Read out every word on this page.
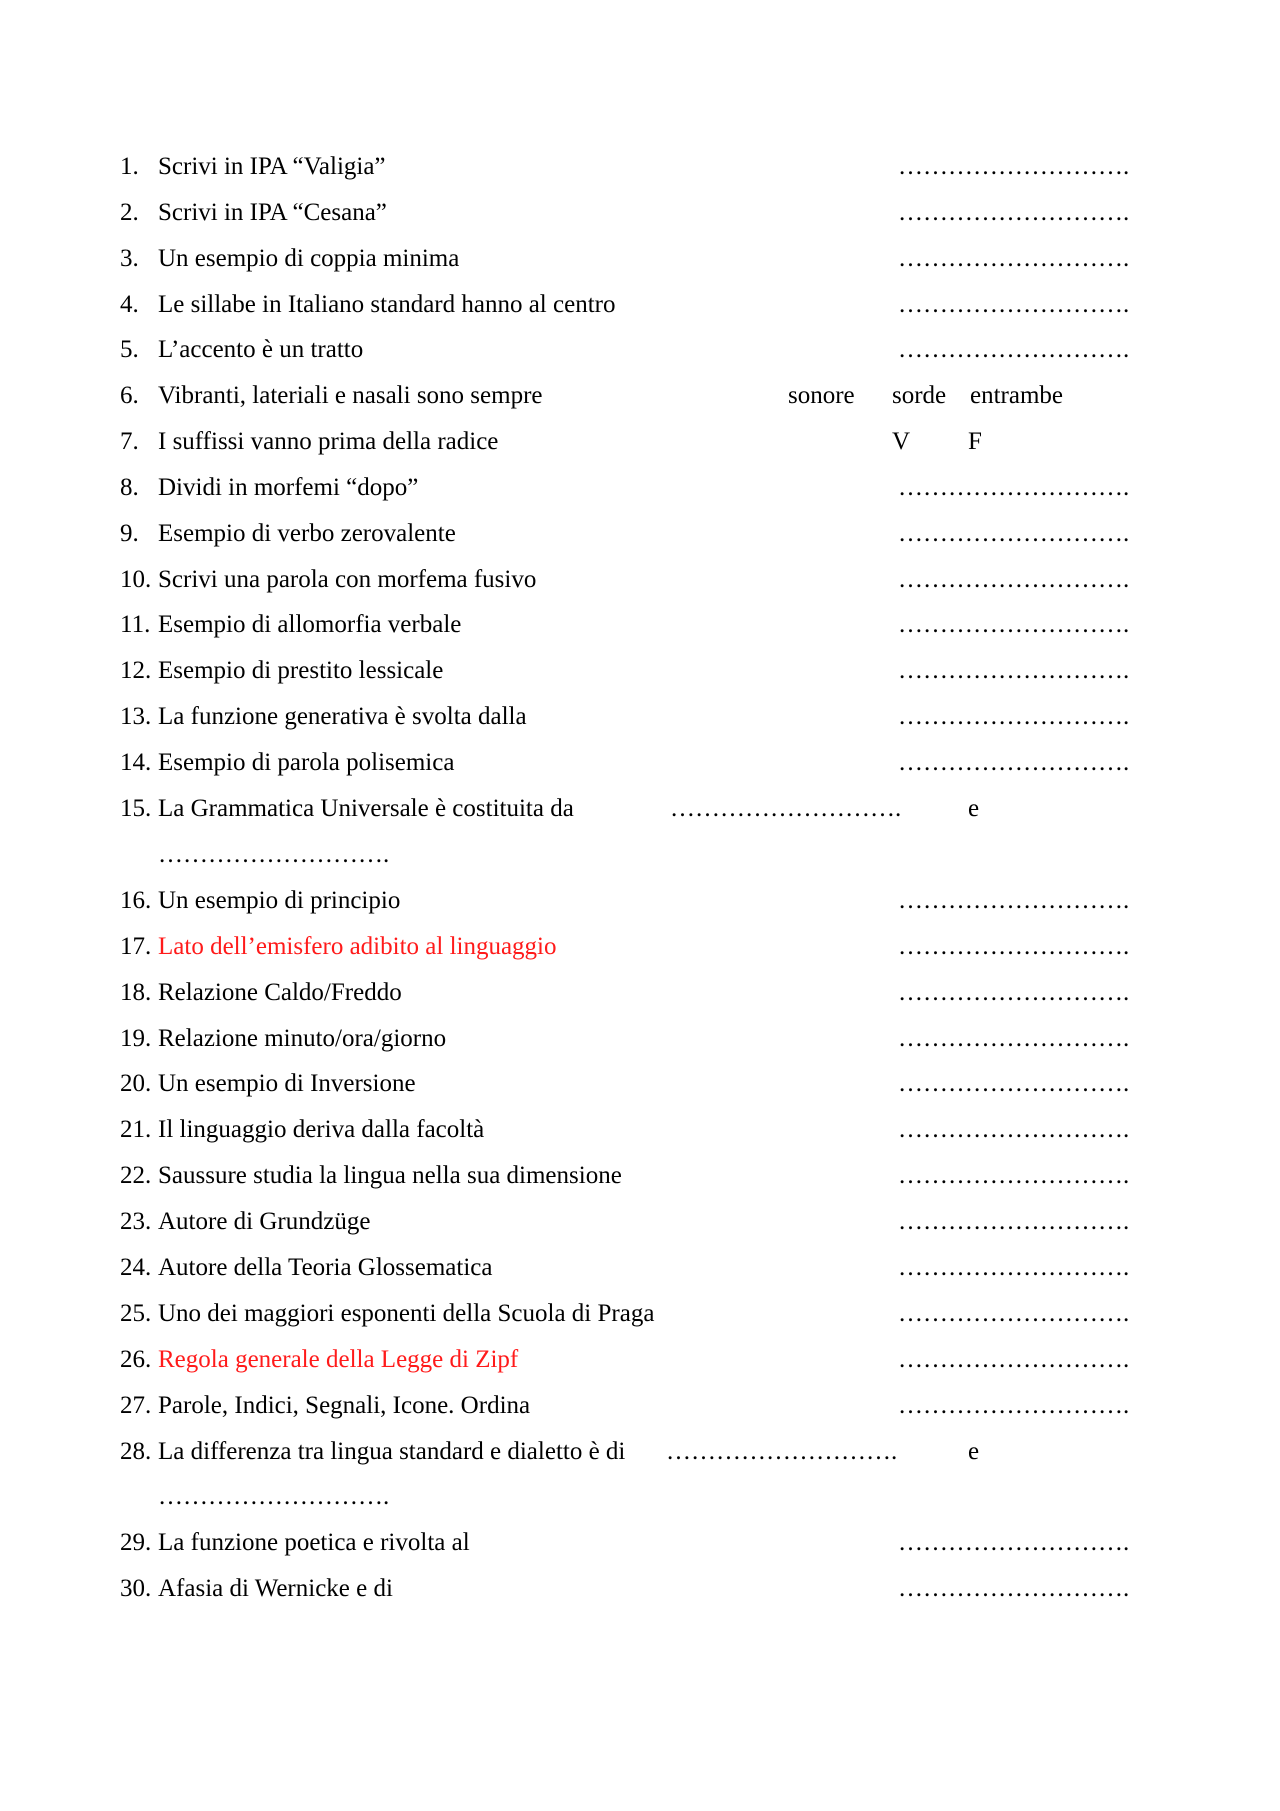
1. Scrivi in IPA “Valigia”	……………………….
2. Scrivi in IPA “Cesana”	……………………….
3. Un esempio di coppia minima	……………………….
4. Le sillabe in Italiano standard hanno al centro	……………………….
5. L’accento è un tratto	……………………….
6. Vibranti, lateriali e nasali sono sempre	sonore sorde entrambe
7. I suffissi vanno prima della radice	V F
8. Dividi in morfemi “dopo”	……………………….
9. Esempio di verbo zerovalente	……………………….
10. Scrivi una parola con morfema fusivo	……………………….
11. Esempio di allomorfia verbale	……………………….
12. Esempio di prestito lessicale	……………………….
13. La funzione generativa è svolta dalla	……………………….
14. Esempio di parola polisemica	……………………….
15. La Grammatica Universale è costituita da	……………………….	e
……………………….
16. Un esempio di principio	……………………….
17. Lato dell’emisfero adibito al linguaggio	……………………….
18. Relazione Caldo/Freddo	……………………….
19. Relazione minuto/ora/giorno	……………………….
20. Un esempio di Inversione	……………………….
21. Il linguaggio deriva dalla facoltà	……………………….
22. Saussure studia la lingua nella sua dimensione	……………………….
23. Autore di Grundzüge	……………………….
24. Autore della Teoria Glossematica	……………………….
25. Uno dei maggiori esponenti della Scuola di Praga	……………………….
26. Regola generale della Legge di Zipf	……………………….
27. Parole, Indici, Segnali, Icone. Ordina	……………………….
28. La differenza tra lingua standard e dialetto è di ……………………….	e
……………………….
29. La funzione poetica e rivolta al	……………………….
30. Afasia di Wernicke e di	……………………….
